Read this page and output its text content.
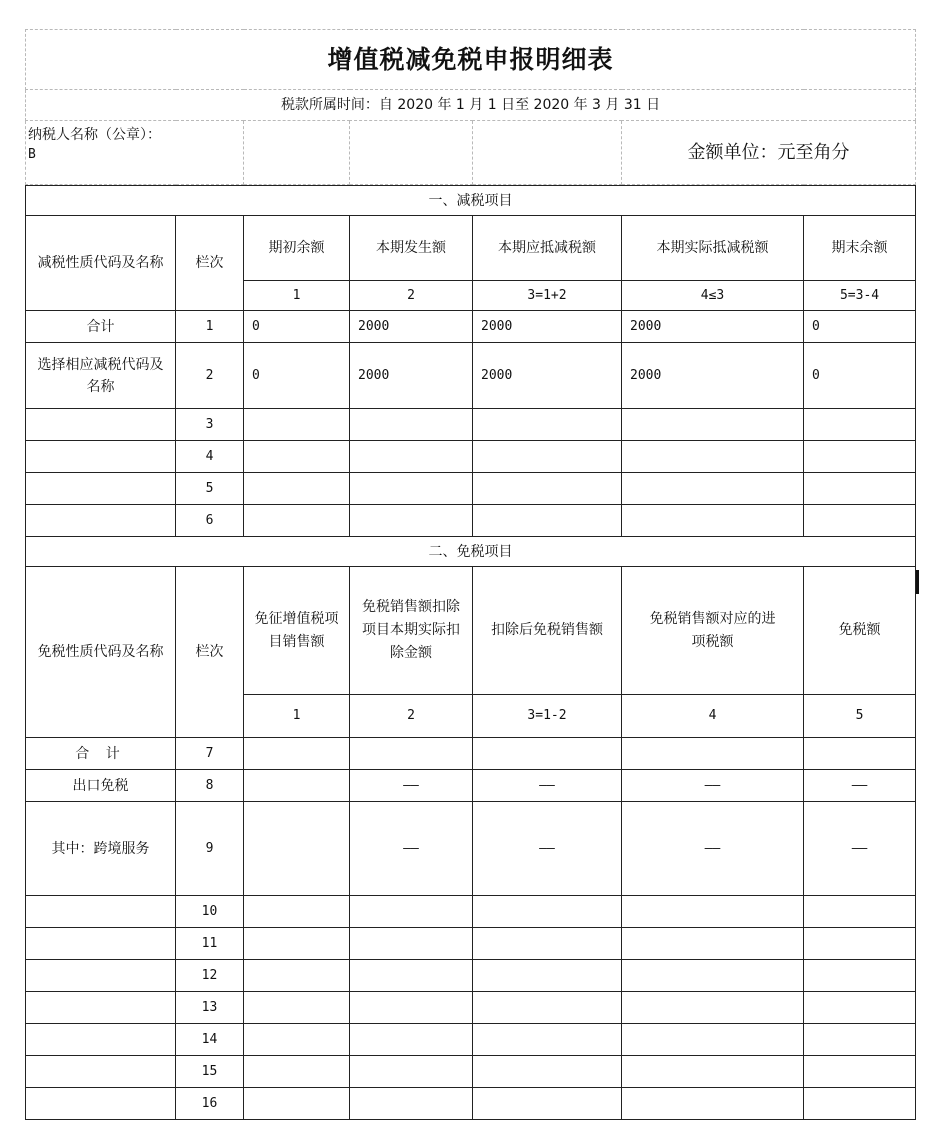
增值税减免税申报明细表
税款所属时间：自 2020 年 1 月 1 日至 2020 年 3 月 31 日

纳税人名称（公章）：
B				金额单位：元至角分
一、减税项目						
减税性质代码及名称	栏次	期初余额	本期发生额	本期应抵减税额	本期实际抵减税额	期末余额
		1	2	3=1+2	4≤3	5=3-4
合计	1	0	2000	2000	2000	0
选择相应减税代码及名称	2	0	2000	2000	2000	0
	3					
	4					
	5					
	6					
二、免税项目						
免税性质代码及名称	栏次	免征增值税项目销售额	免税销售额扣除项目本期实际扣除金额	扣除后免税销售额	免税销售额对应的进项税额	免税额
		1	2	3=1-2	4	5
合 计	7					
出口免税	8		——	——	——	——
其中：跨境服务	9		——	——	——	——
	10					
	11					
	12					
	13					
	14					
	15					
	16					
